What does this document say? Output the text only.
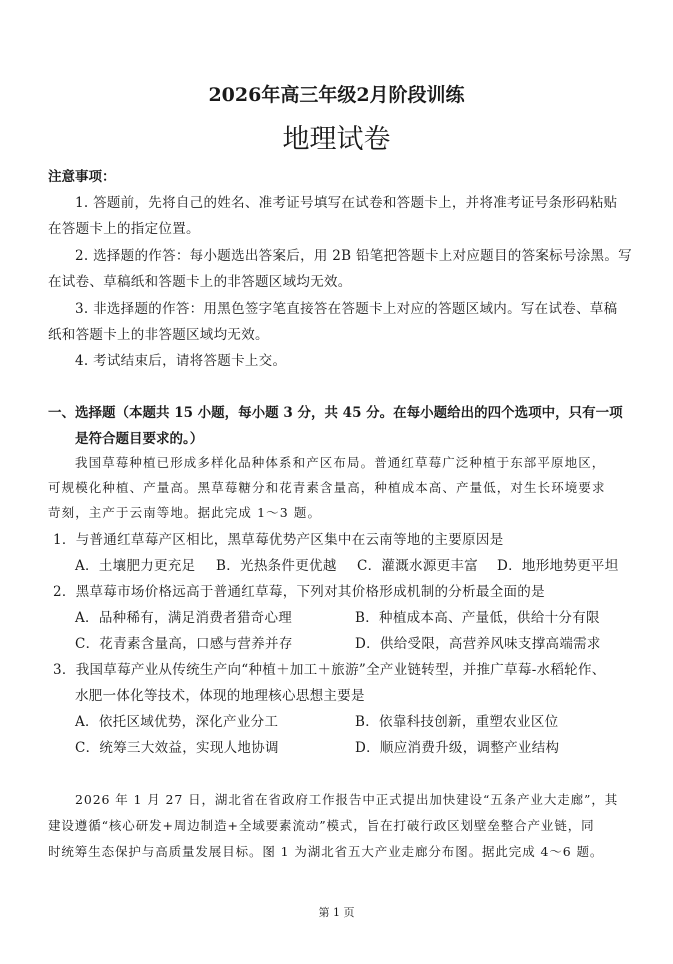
2026年高三年级2月阶段训练
地理试卷
注意事项：
1. 答题前，先将自己的姓名、准考证号填写在试卷和答题卡上，并将准考证号条形码粘贴
在答题卡上的指定位置。
2. 选择题的作答：每小题选出答案后，用 2B 铅笔把答题卡上对应题目的答案标号涂黑。写
在试卷、草稿纸和答题卡上的非答题区域均无效。
3. 非选择题的作答：用黑色签字笔直接答在答题卡上对应的答题区域内。写在试卷、草稿
纸和答题卡上的非答题区域均无效。
4. 考试结束后，请将答题卡上交。
一、选择题（本题共 15 小题，每小题 3 分，共 45 分。在每小题给出的四个选项中，只有一项
是符合题目要求的。）
我国草莓种植已形成多样化品种体系和产区布局。普通红草莓广泛种植于东部平原地区，
可规模化种植、产量高。黑草莓糖分和花青素含量高，种植成本高、产量低，对生长环境要求
苛刻，主产于云南等地。据此完成 1～3 题。
1．与普通红草莓产区相比，黑草莓优势产区集中在云南等地的主要原因是
A．土壤肥力更充足 B．光热条件更优越 C．灌溉水源更丰富 D．地形地势更平坦
2．黑草莓市场价格远高于普通红草莓，下列对其价格形成机制的分析最全面的是
A．品种稀有，满足消费者猎奇心理	B．种植成本高、产量低，供给十分有限
C．花青素含量高，口感与营养并存	D．供给受限，高营养风味支撑高端需求
3．我国草莓产业从传统生产向“种植＋加工＋旅游”全产业链转型，并推广草莓-水稻轮作、
水肥一体化等技术，体现的地理核心思想主要是
A．依托区域优势，深化产业分工	B．依靠科技创新，重塑农业区位
C．统筹三大效益，实现人地协调	D．顺应消费升级，调整产业结构
2026 年 1 月 27 日，湖北省在省政府工作报告中正式提出加快建设“五条产业大走廊”，其
建设遵循“核心研发+周边制造+全域要素流动”模式，旨在打破行政区划壁垒整合产业链，同
时统筹生态保护与高质量发展目标。图 1 为湖北省五大产业走廊分布图。据此完成 4～6 题。
第 1 页
